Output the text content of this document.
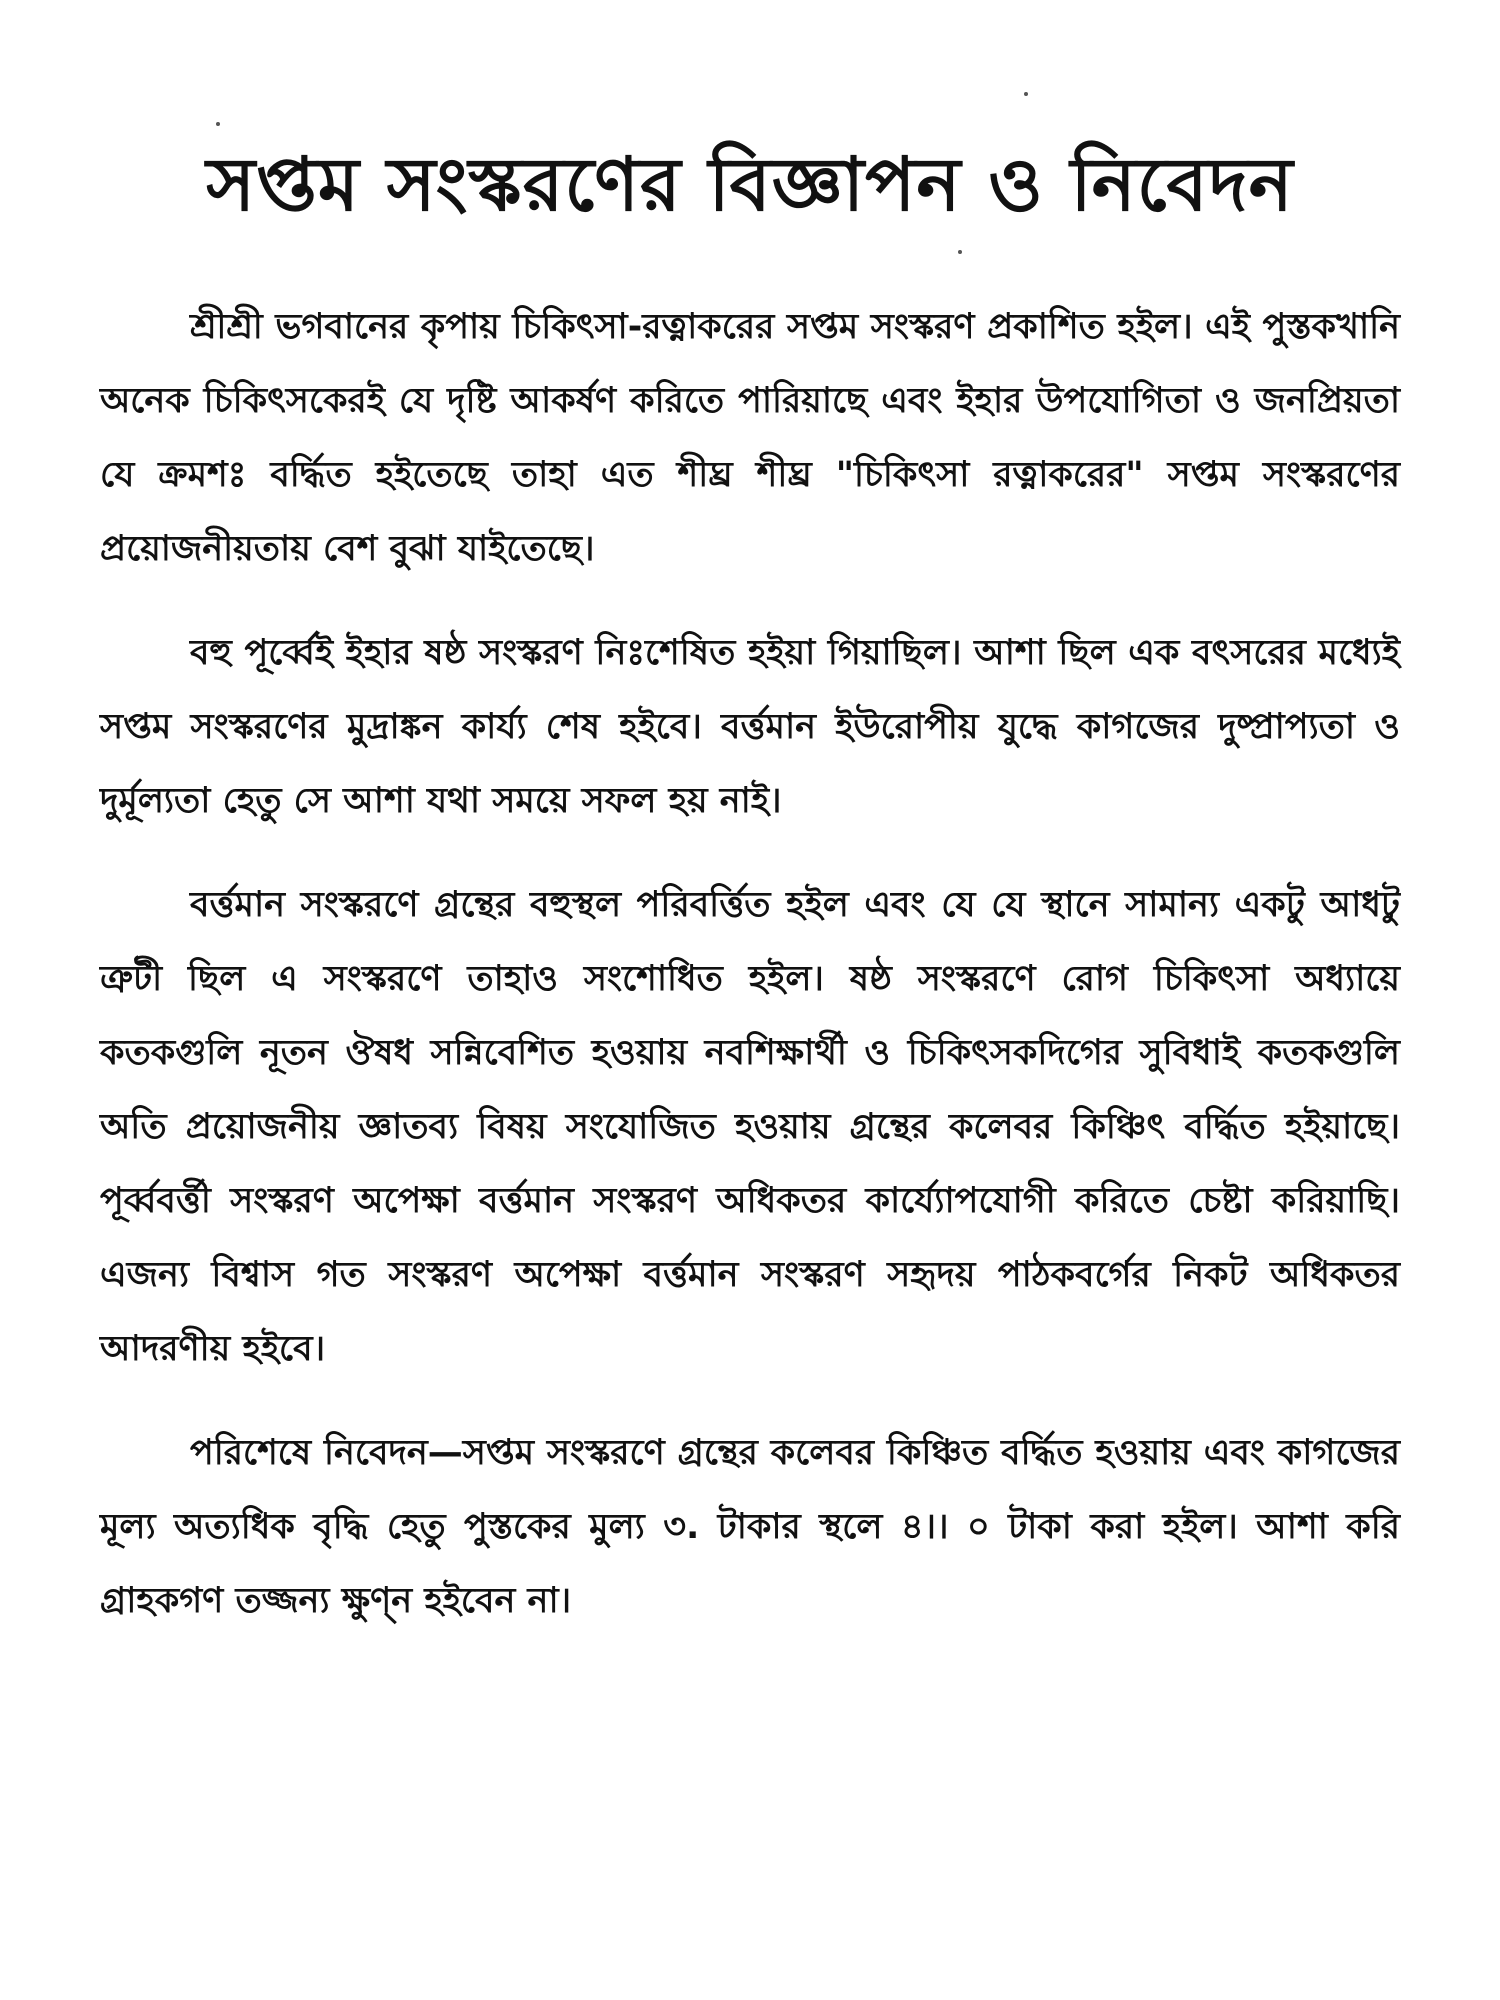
সপ্তম সংস্করণের বিজ্ঞাপন ও নিবেদন

শ্রীশ্রী ভগবানের কৃপায় চিকিৎসা-রত্নাকরের সপ্তম সংস্করণ প্রকাশিত হইল। এই পুস্তকখানি অনেক চিকিৎসকেরই যে দৃষ্টি আকর্ষণ করিতে পারিয়াছে এবং ইহার উপযোগিতা ও জনপ্রিয়তা যে ক্রমশঃ বর্দ্ধিত হইতেছে তাহা এত শীঘ্র শীঘ্র "চিকিৎসা রত্নাকরের" সপ্তম সংস্করণের প্রয়োজনীয়তায় বেশ বুঝা যাইতেছে।

বহু পূর্ব্বেই ইহার ষষ্ঠ সংস্করণ নিঃশেষিত হইয়া গিয়াছিল। আশা ছিল এক বৎসরের মধ্যেই সপ্তম সংস্করণের মুদ্রাঙ্কন কার্য্য শেষ হইবে। বর্ত্তমান ইউরোপীয় যুদ্ধে কাগজের দুষ্প্রাপ্যতা ও দুর্মূল্যতা হেতু সে আশা যথা সময়ে সফল হয় নাই।

বর্ত্তমান সংস্করণে গ্রন্থের বহুস্থল পরিবর্ত্তিত হইল এবং যে যে স্থানে সামান্য একটু আধটু ত্রুটী ছিল এ সংস্করণে তাহাও সংশোধিত হইল। ষষ্ঠ সংস্করণে রোগ চিকিৎসা অধ্যায়ে কতকগুলি নূতন ঔষধ সন্নিবেশিত হওয়ায় নবশিক্ষার্থী ও চিকিৎসকদিগের সুবিধাই কতকগুলি অতি প্রয়োজনীয় জ্ঞাতব্য বিষয় সংযোজিত হওয়ায় গ্রন্থের কলেবর কিঞ্চিৎ বর্দ্ধিত হইয়াছে। পূর্ব্ববর্ত্তী সংস্করণ অপেক্ষা বর্ত্তমান সংস্করণ অধিকতর কার্য্যোপযোগী করিতে চেষ্টা করিয়াছি। এজন্য বিশ্বাস গত সংস্করণ অপেক্ষা বর্ত্তমান সংস্করণ সহৃদয় পাঠকবর্গের নিকট অধিকতর আদরণীয় হইবে।

পরিশেষে নিবেদন—সপ্তম সংস্করণে গ্রন্থের কলেবর কিঞ্চিত বর্দ্ধিত হওয়ায় এবং কাগজের মূল্য অত্যধিক বৃদ্ধি হেতু পুস্তকের মুল্য ৩. টাকার স্থলে ৪।। ০ টাকা করা হইল। আশা করি গ্রাহকগণ তজ্জন্য ক্ষুণ্ন হইবেন না।
